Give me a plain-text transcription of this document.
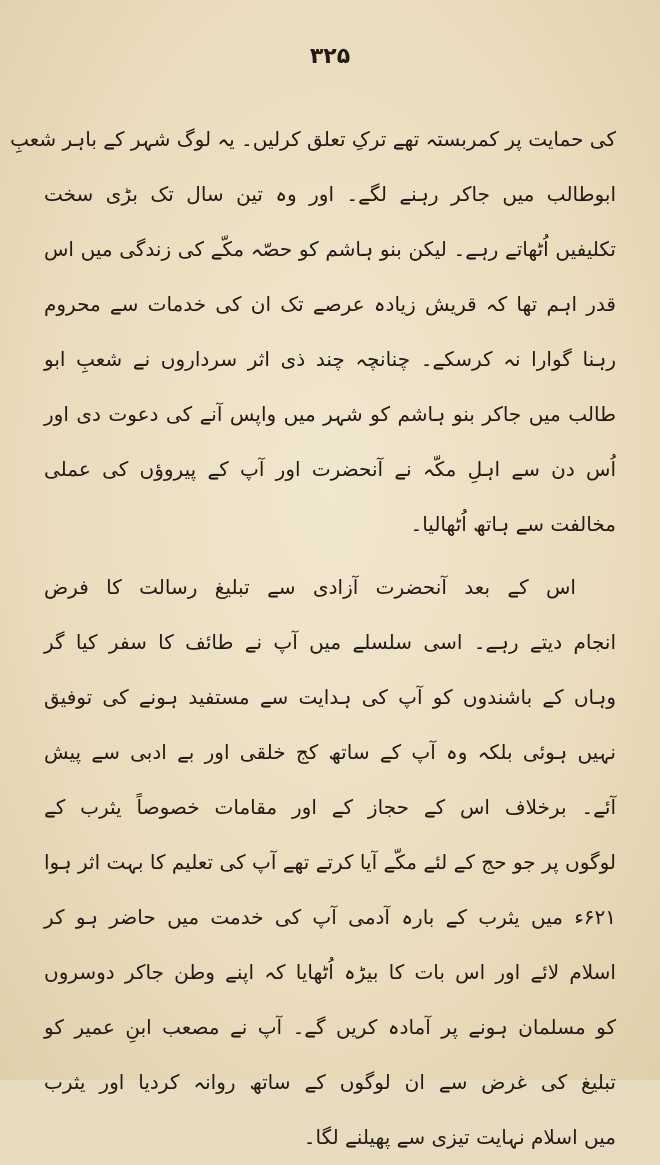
۳۲۵
کی حمایت پر کمربستہ تھے ترکِ تعلق کرلیں۔ یہ لوگ شہر کے باہر شعبِ
ابوطالب میں جاکر رہنے لگے۔ اور وہ تین سال تک بڑی سخت
تکلیفیں اُٹھاتے رہے۔ لیکن بنو ہاشم کو حصّہ مکّے کی زندگی میں اس
قدر اہم تھا کہ قریش زیادہ عرصے تک ان کی خدمات سے محروم
رہنا گوارا نہ کرسکے۔ چنانچہ چند ذی اثر سرداروں نے شعبِ ابو
طالب میں جاکر بنو ہاشم کو شہر میں واپس آنے کی دعوت دی اور
اُس دن سے اہلِ مکّہ نے آنحضرت اور آپ کے پیروؤں کی عملی
مخالفت سے ہاتھ اُٹھالیا۔
اس کے بعد آنحضرت آزادی سے تبلیغ رسالت کا فرض
انجام دیتے رہے۔ اسی سلسلے میں آپ نے طائف کا سفر کیا گر
وہاں کے باشندوں کو آپ کی ہدایت سے مستفید ہونے کی توفیق
نہیں ہوئی بلکہ وہ آپ کے ساتھ کج خلقی اور بے ادبی سے پیش
آئے۔ برخلاف اس کے حجاز کے اور مقامات خصوصاً یثرب کے
لوگوں پر جو حج کے لئے مکّے آیا کرتے تھے آپ کی تعلیم کا بہت اثر ہوا
۶۲۱ء میں یثرب کے بارہ آدمی آپ کی خدمت میں حاضر ہو کر
اسلام لائے اور اس بات کا بیڑہ اُٹھایا کہ اپنے وطن جاکر دوسروں
کو مسلمان ہونے پر آمادہ کریں گے۔ آپ نے مصعب ابنِ عمیر کو
تبلیغ کی غرض سے ان لوگوں کے ساتھ روانہ کردیا اور یثرب
میں اسلام نہایت تیزی سے پھیلنے لگا۔
